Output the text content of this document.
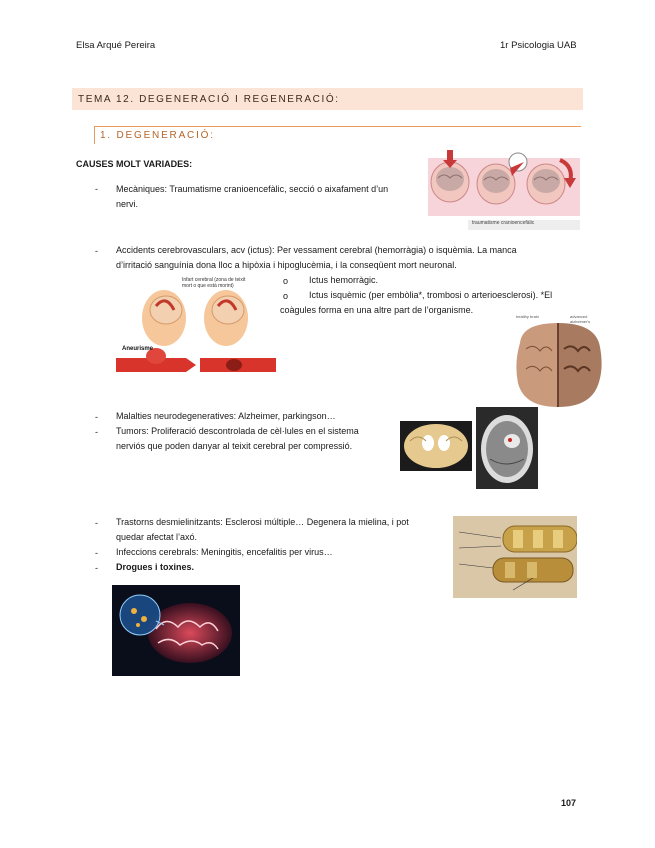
Elsa Arqué Pereira	1r Psicologia UAB
TEMA 12. DEGENERACIÓ I REGENERACIÓ:
1. DEGENERACIÓ:
CAUSES MOLT VARIADES:
- Mecàniques: Traumatisme cranioencefàlic, secció o aixafament d’un
nervi.
traumatisme cranioencefàlic
- Accidents cerebrovasculars, acv (ictus): Per vessament cerebral (hemorràgia) o isquèmia. La manca
d’irritació sanguínia dona lloc a hipòxia i hipoglucèmia, i la conseqüent mort neuronal.
o Ictus hemorràgic.
o Ictus isquèmic (per embòlia*, trombosi o arterioesclerosi). *El
coàgules forma en una altre part de l’organisme.
Infart cerebral (zona de teixit mort o que està morint)
Aneurisme
healthy brain	advanced alzheimer's
- Malalties neurodegeneratives: Alzheimer, parkingson…
- Tumors: Proliferació descontrolada de cèl·lules en el sistema
nerviós que poden danyar al teixit cerebral per compressió.
- Trastorns desmielinitzants: Esclerosi múltiple… Degenera la mielina, i pot
quedar afectat l’axó.
- Infeccions cerebrals: Meningitis, encefalitis per virus…
- Drogues i toxines.
107
